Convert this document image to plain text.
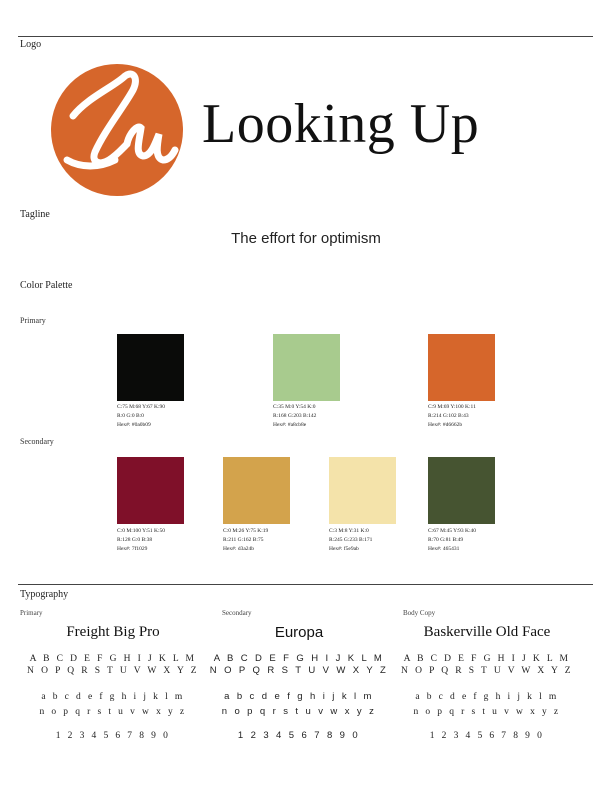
Logo
Looking Up
Tagline
The effort for optimism
Color Palette
Primary
C:75 M:68 Y:67 K:90
R:0 G:0 B:0
Hex#: #0a0b09
C:35 M:0 Y:54 K:0
R:168 G:203 B:142
Hex#: #a8cb8e
C:9 M:69 Y:100 K:11
R:214 G:102 B:43
Hex#: #d6662b
Secondary
C:0 M:100 Y:51 K:50
R:128 G:0 B:38
Hex#: 7f1029
C:0 M:26 Y:75 K:19
R:211 G:162 B:75
Hex#: d3a24b
C:3 M:8 Y:31 K:0
R:245 G:233 B:171
Hex#: f5e9ab
C:67 M:45 Y:93 K:40
R:70 G:81 B:49
Hex#: 465431
Typography
Primary	Secondary	Body Copy
Freight Big Pro
A B C D E F G H I J K L M
N O P Q R S T U V W X Y Z
a b c d e f g h i j k l m
n o p q r s t u v w x y z
1 2 3 4 5 6 7 8 9 0
Europa
A B C D E F G H I J K L M
N O P Q R S T U V W X Y Z
a b c d e f g h i j k l m
n o p q r s t u v w x y z
1 2 3 4 5 6 7 8 9 0
Baskerville Old Face
A B C D E F G H I J K L M
N O P Q R S T U V W X Y Z
a b c d e f g h i j k l m
n o p q r s t u v w x y z
1 2 3 4 5 6 7 8 9 0
